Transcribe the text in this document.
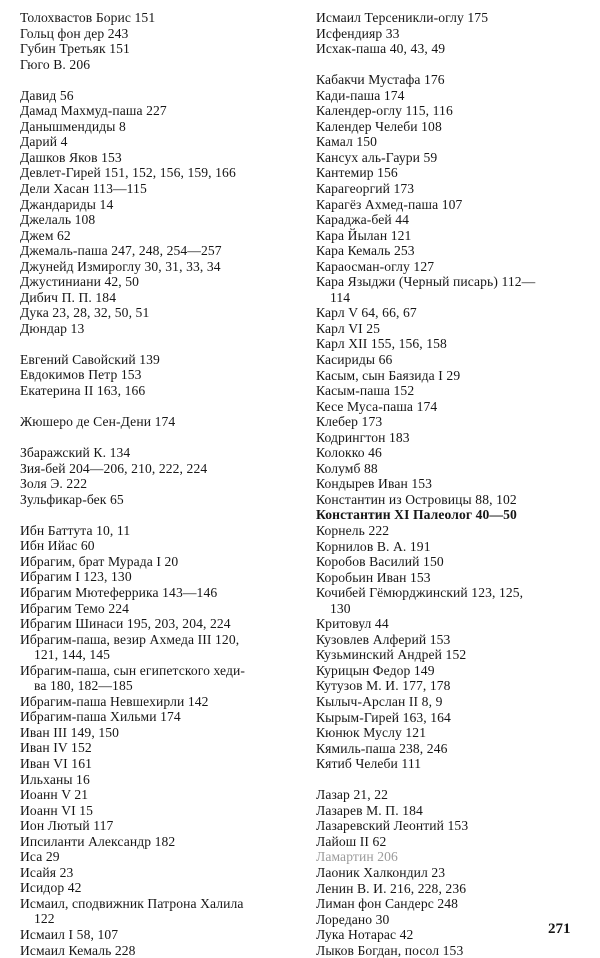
Толохвастов Борис 151
Гольц фон дер 243
Губин Третьяк 151
Гюго В. 206
Давид 56
Дамад Махмуд-паша 227
Данышмендиды 8
Дарий 4
Дашков Яков 153
Девлет-Гирей 151, 152, 156, 159, 166
Дели Хасан 113—115
Джандариды 14
Джелаль 108
Джем 62
Джемаль-паша 247, 248, 254—257
Джунейд Измироглу 30, 31, 33, 34
Джустиниани 42, 50
Дибич П. П. 184
Дука 23, 28, 32, 50, 51
Дюндар 13
Евгений Савойский 139
Евдокимов Петр 153
Екатерина II 163, 166
Жюшеро де Сен-Дени 174
Збаражский К. 134
Зия-бей 204—206, 210, 222, 224
Золя Э. 222
Зульфикар-бек 65
Ибн Баттута 10, 11
Ибн Ийас 60
Ибрагим, брат Мурада I 20
Ибрагим I 123, 130
Ибрагим Мютеферрика 143—146
Ибрагим Темо 224
Ибрагим Шинаси 195, 203, 204, 224
Ибрагим-паша, везир Ахмеда III 120,
121, 144, 145
Ибрагим-паша, сын египетского хеди-
ва 180, 182—185
Ибрагим-паша Невшехирли 142
Ибрагим-паша Хильми 174
Иван III 149, 150
Иван IV 152
Иван VI 161
Ильханы 16
Иоанн V 21
Иоанн VI 15
Ион Лютый 117
Ипсиланти Александр 182
Иса 29
Исайя 23
Исидор 42
Исмаил, сподвижник Патрона Халила
122
Исмаил I 58, 107
Исмаил Кемаль 228
Исмаил Терсеникли-оглу 175
Исфендияр 33
Исхак-паша 40, 43, 49
Кабакчи Мустафа 176
Кади-паша 174
Календер-оглу 115, 116
Календер Челеби 108
Камал 150
Кансух аль-Гаури 59
Кантемир 156
Карагеоргий 173
Карагёз Ахмед-паша 107
Караджа-бей 44
Кара Йылан 121
Кара Кемаль 253
Караосман-оглу 127
Кара Языджи (Черный писарь) 112—
114
Карл V 64, 66, 67
Карл VI 25
Карл XII 155, 156, 158
Касириды 66
Касым, сын Баязида I 29
Касым-паша 152
Кесе Муса-паша 174
Клебер 173
Кодрингтон 183
Колокко 46
Колумб 88
Кондырев Иван 153
Константин из Островицы 88, 102
Константин XI Палеолог 40—50
Корнель 222
Корнилов В. А. 191
Коробов Василий 150
Коробьин Иван 153
Кочибей Гёмюрджинский 123, 125,
130
Критовул 44
Кузовлев Алферий 153
Кузьминский Андрей 152
Курицын Федор 149
Кутузов М. И. 177, 178
Кылыч-Арслан II 8, 9
Кырым-Гирей 163, 164
Кюнюк Муслу 121
Кямиль-паша 238, 246
Кятиб Челеби 111
Лазар 21, 22
Лазарев М. П. 184
Лазаревский Леонтий 153
Лайош II 62
Ламартин 206
Лаоник Халкондил 23
Ленин В. И. 216, 228, 236
Лиман фон Сандерс 248
Лоредано 30
Лука Нотарас 42
Лыков Богдан, посол 153
271
